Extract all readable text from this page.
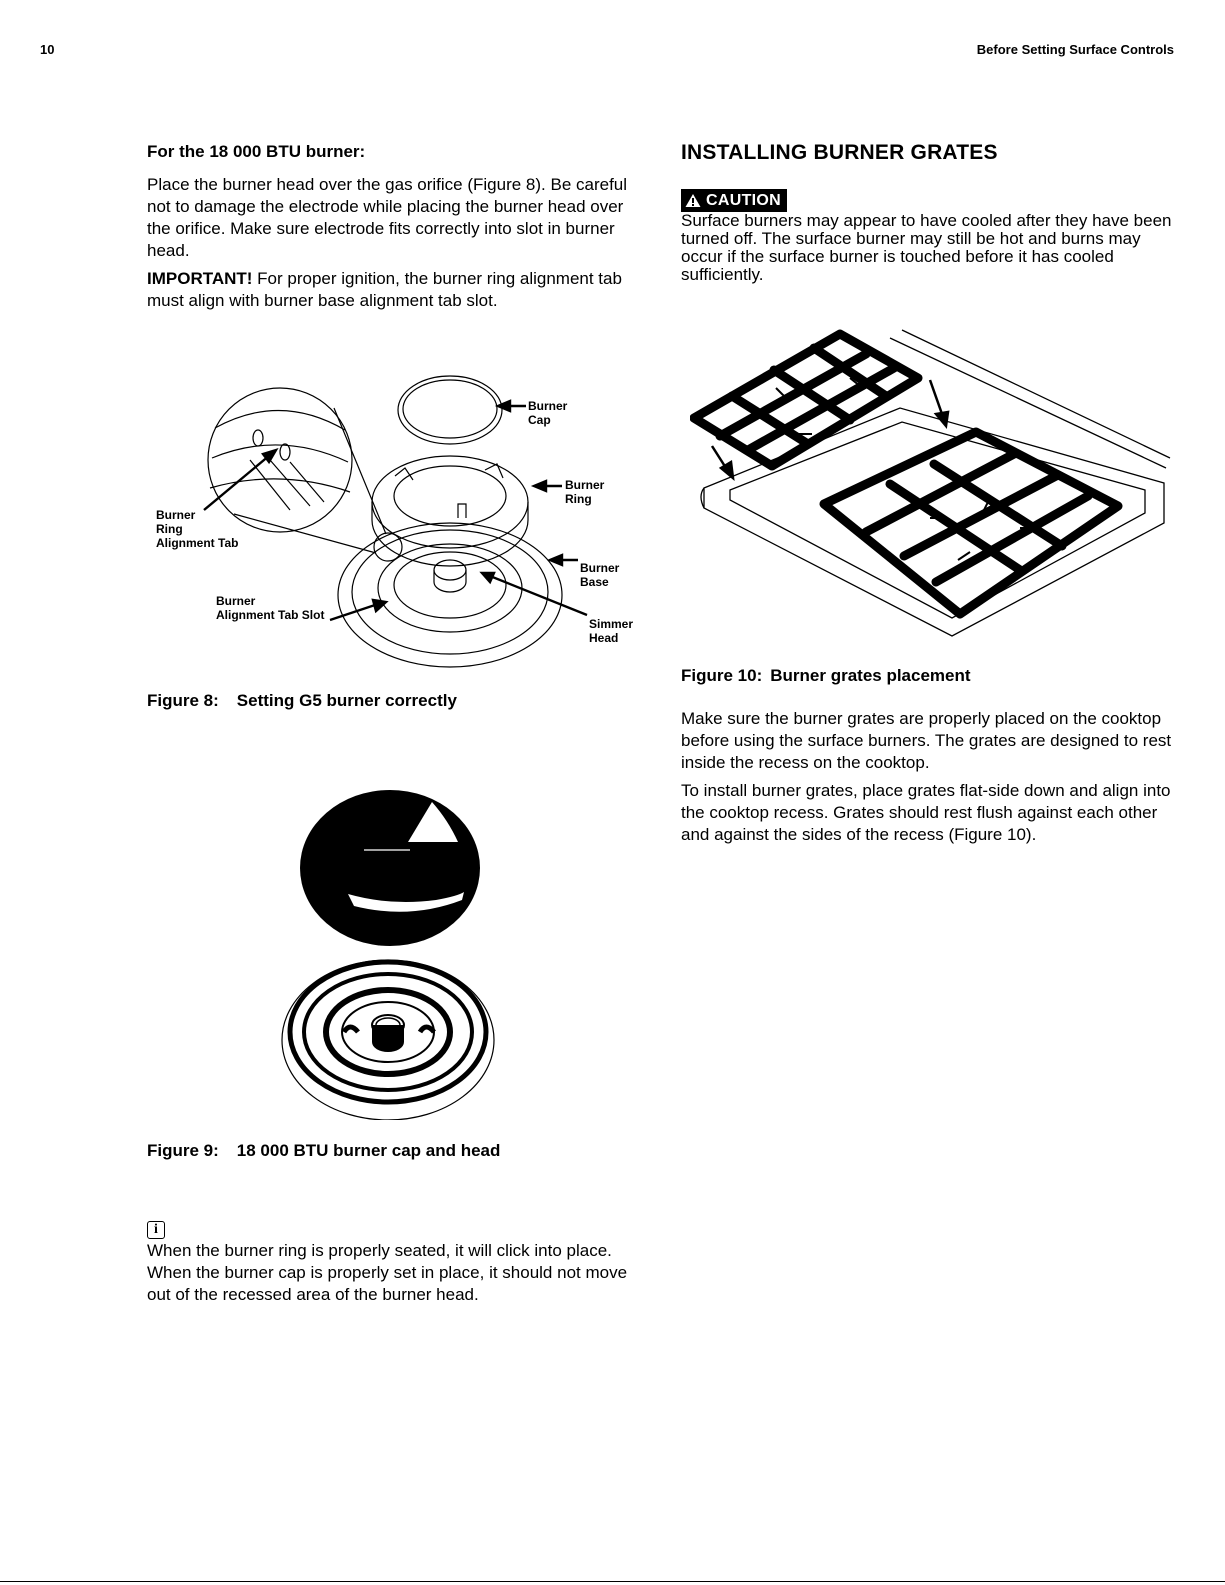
10	Before Setting Surface Controls

For the 18 000 BTU burner:

Place the burner head over the gas orifice (Figure 8). Be careful not to damage the electrode while placing the burner head over the orifice. Make sure electrode fits correctly into slot in burner head.

IMPORTANT! For proper ignition, the burner ring alignment tab must align with burner base alignment tab slot.

Burner
Cap
Burner
Ring
Burner
Ring
Alignment Tab
Burner
Base
Burner
Alignment Tab Slot
Simmer
Head
Figure 8: Setting G5 burner correctly
Figure 9: 18 000 BTU burner cap and head
i

When the burner ring is properly seated, it will click into place.

When the burner cap is properly set in place, it should not move out of the recessed area of the burner head.

INSTALLING BURNER GRATES

CAUTION

Surface burners may appear to have cooled after they have been turned off. The surface burner may still be hot and burns may occur if the surface burner is touched before it has cooled sufficiently.

Figure 10: Burner grates placement

Make sure the burner grates are properly placed on the cooktop before using the surface burners. The grates are designed to rest inside the recess on the cooktop.

To install burner grates, place grates flat-side down and align into the cooktop recess. Grates should rest flush against each other and against the sides of the recess (Figure 10).
